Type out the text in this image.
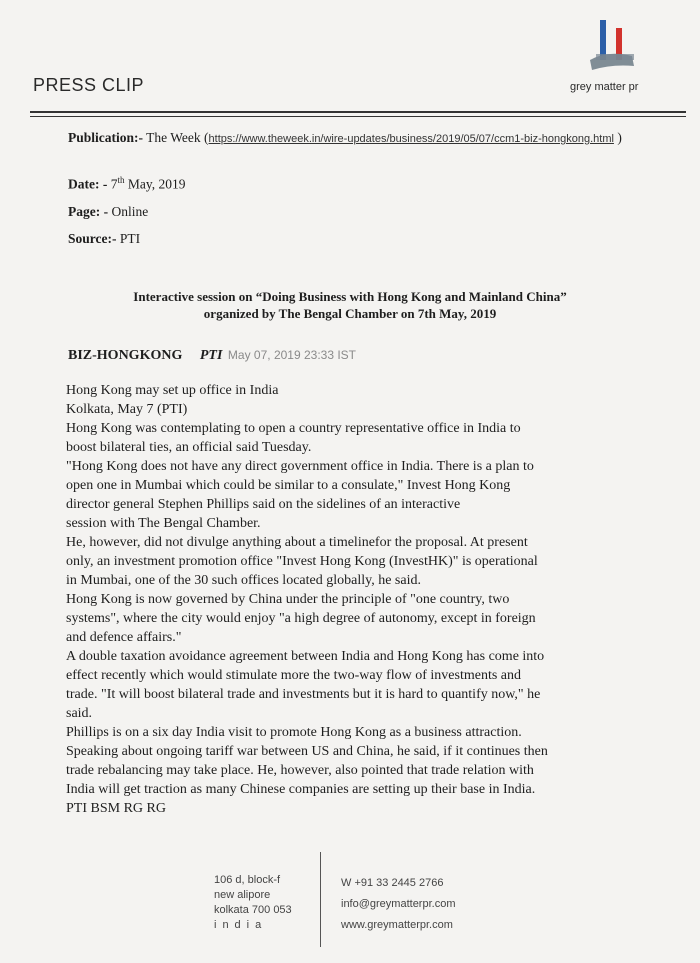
PRESS CLIP	grey matter pr
Publication:- The Week (https://www.theweek.in/wire-updates/business/2019/05/07/ccm1-biz-hongkong.html )
Date: - 7th May, 2019
Page: - Online
Source:- PTI
Interactive session on “Doing Business with Hong Kong and Mainland China”
organized by The Bengal Chamber on 7th May, 2019
BIZ-HONGKONG PTI May 07, 2019 23:33 IST
Hong Kong may set up office in India
Kolkata, May 7 (PTI)
Hong Kong was contemplating to open a country representative office in India to
boost bilateral ties, an official said Tuesday.
"Hong Kong does not have any direct government office in India. There is a plan to
open one in Mumbai which could be similar to a consulate," Invest Hong Kong
director general Stephen Phillips said on the sidelines of an interactive
session with The Bengal Chamber.
He, however, did not divulge anything about a timelinefor the proposal. At present
only, an investment promotion office "Invest Hong Kong (InvestHK)" is operational
in Mumbai, one of the 30 such offices located globally, he said.
Hong Kong is now governed by China under the principle of "one country, two
systems", where the city would enjoy "a high degree of autonomy, except in foreign
and defence affairs."
A double taxation avoidance agreement between India and Hong Kong has come into
effect recently which would stimulate more the two-way flow of investments and
trade. "It will boost bilateral trade and investments but it is hard to quantify now," he
said.
Phillips is on a six day India visit to promote Hong Kong as a business attraction.
Speaking about ongoing tariff war between US and China, he said, if it continues then
trade rebalancing may take place. He, however, also pointed that trade relation with
India will get traction as many Chinese companies are setting up their base in India.
PTI BSM RG RG
106 d, block-f
new alipore
kolkata 700 053
india
W +91 33 2445 2766
info@greymatterpr.com
www.greymatterpr.com
